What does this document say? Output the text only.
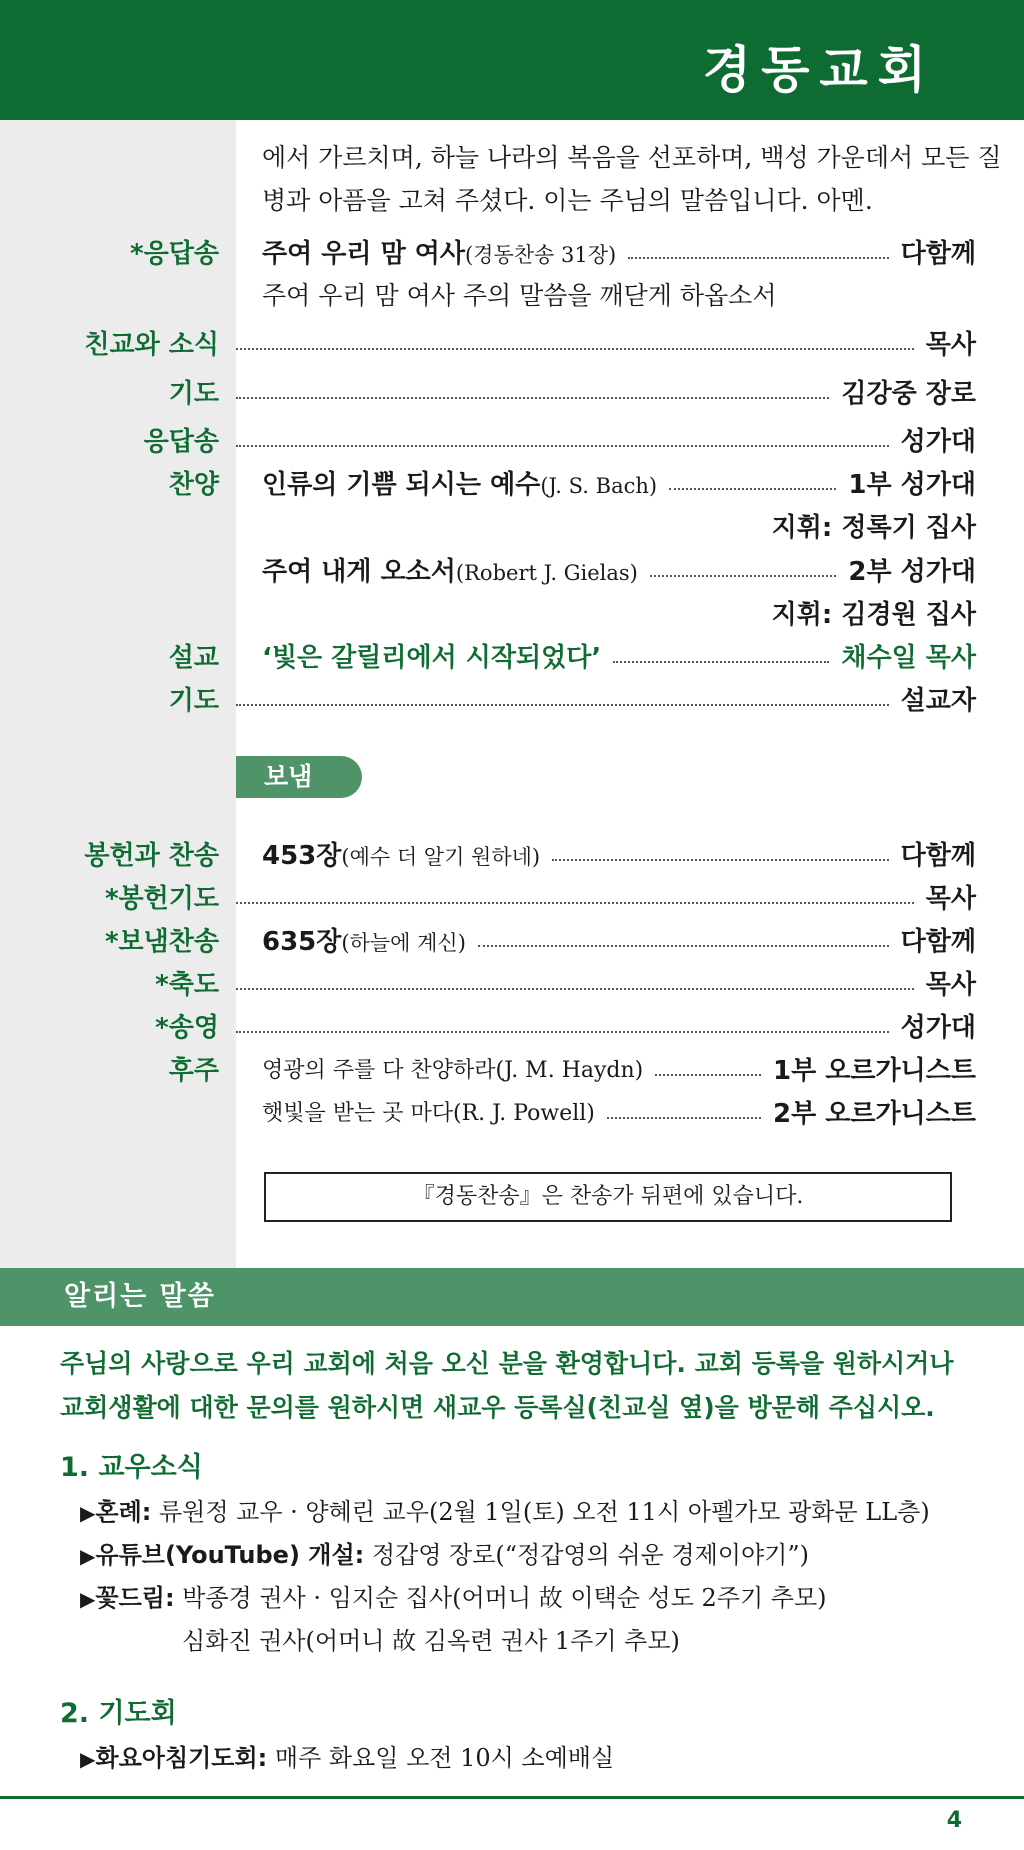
경동교회
에서 가르치며, 하늘 나라의 복음을 선포하며, 백성 가운데서 모든 질
병과 아픔을 고쳐 주셨다. 이는 주님의 말씀입니다. 아멘.
*응답송	주여 우리 맘 여사(경동찬송 31장)	다함께
주여 우리 맘 여사 주의 말씀을 깨닫게 하옵소서
친교와 소식	목사
기도	김강중 장로
응답송	성가대
찬양	인류의 기쁨 되시는 예수(J. S. Bach)	1부 성가대
지휘: 정록기 집사
주여 내게 오소서(Robert J. Gielas)	2부 성가대
지휘: 김경원 집사
설교	‘빛은 갈릴리에서 시작되었다’	채수일 목사
기도	설교자
보냄
봉헌과 찬송	453장(예수 더 알기 원하네)	다함께
*봉헌기도	목사
*보냄찬송	635장(하늘에 계신)	다함께
*축도	목사
*송영	성가대
후주	영광의 주를 다 찬양하라(J. M. Haydn)	1부 오르가니스트
햇빛을 받는 곳 마다(R. J. Powell)	2부 오르가니스트
『경동찬송』은 찬송가 뒤편에 있습니다.
알리는 말씀
주님의 사랑으로 우리 교회에 처음 오신 분을 환영합니다. 교회 등록을 원하시거나
교회생활에 대한 문의를 원하시면 새교우 등록실(친교실 옆)을 방문해 주십시오.
1. 교우소식
▶혼례: 류원정 교우 · 양혜린 교우(2월 1일(토) 오전 11시 아펠가모 광화문 LL층)
▶유튜브(YouTube) 개설: 정갑영 장로(“정갑영의 쉬운 경제이야기”)
▶꽃드림: 박종경 권사 · 임지순 집사(어머니 故 이택순 성도 2주기 추모)
심화진 권사(어머니 故 김옥련 권사 1주기 추모)
2. 기도회
▶화요아침기도회: 매주 화요일 오전 10시 소예배실
4
